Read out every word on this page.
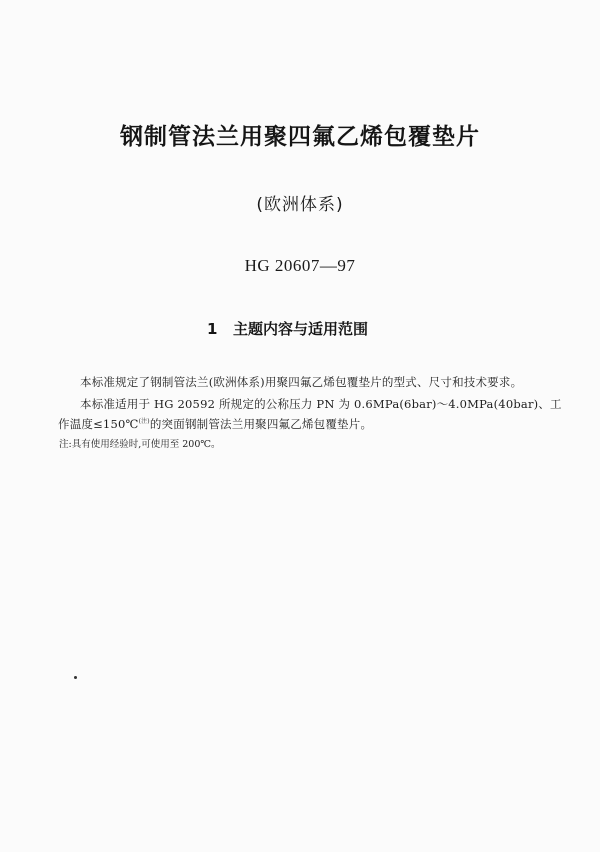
钢制管法兰用聚四氟乙烯包覆垫片
(欧洲体系)
HG 20607—97
1 主题内容与适用范围
本标准规定了钢制管法兰(欧洲体系)用聚四氟乙烯包覆垫片的型式、尺寸和技术要求。
本标准适用于 HG 20592 所规定的公称压力 PN 为 0.6MPa(6bar)～4.0MPa(40bar)、工
作温度≤150℃$^{(注)}$的突面钢制管法兰用聚四氟乙烯包覆垫片。
注:具有使用经验时,可使用至 200℃。
